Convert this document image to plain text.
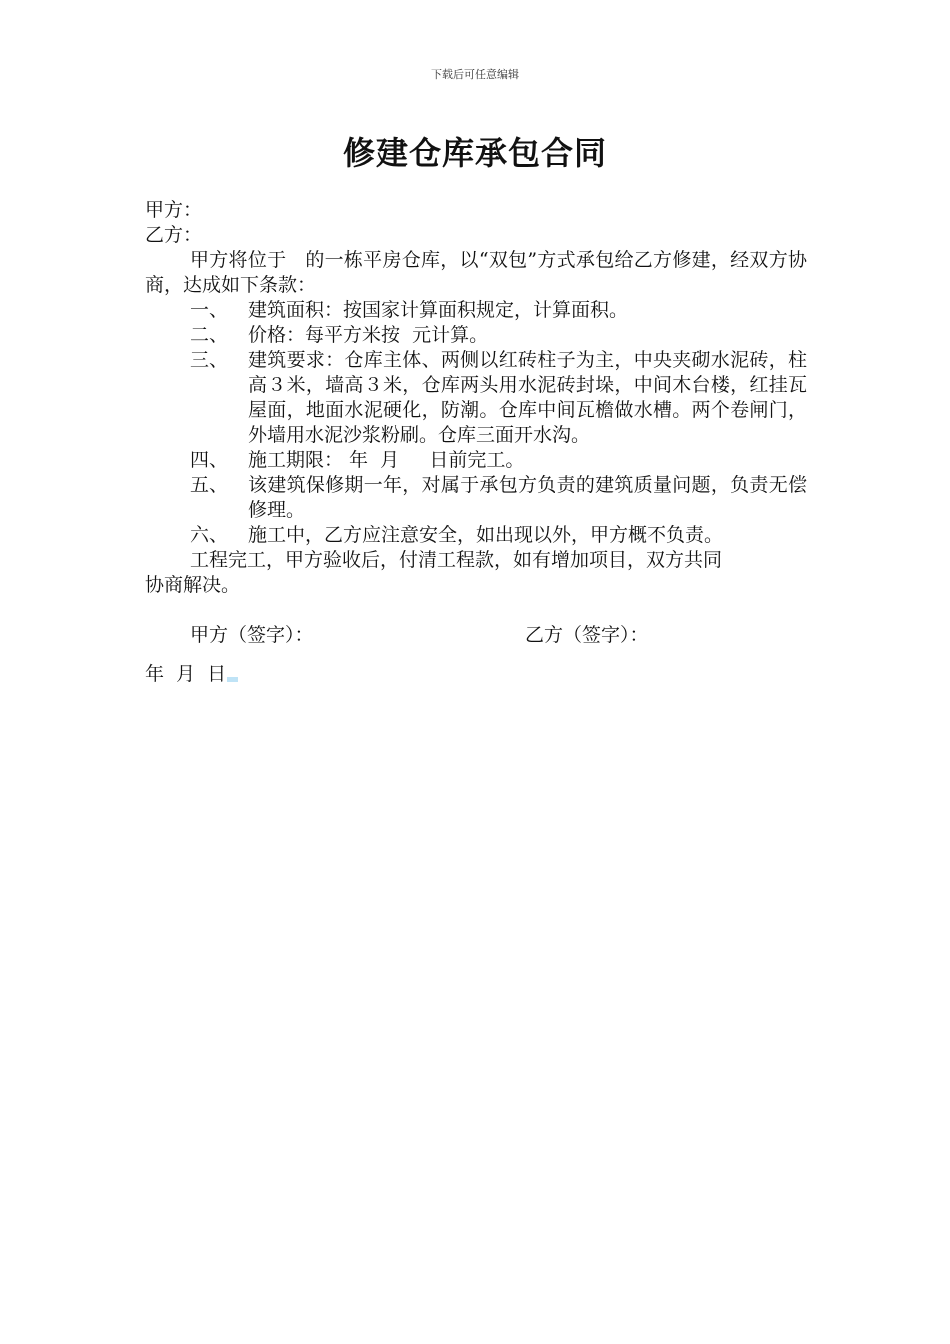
下载后可任意编辑
修建仓库承包合同

甲方：

乙方：

甲方将位于   的一栋平房仓库，以“双包”方式承包给乙方修建，经双方协商，达成如下条款：

一、 建筑面积：按国家计算面积规定，计算面积。
二、 价格：每平方米按  元计算。
三、 建筑要求：仓库主体、两侧以红砖柱子为主，中央夹砌水泥砖，柱高３米，墙高３米，仓库两头用水泥砖封垛，中间木台楼，红挂瓦屋面，地面水泥硬化，防潮。仓库中间瓦檐做水槽。两个卷闸门，外墙用水泥沙浆粉刷。仓库三面开水沟。
四、 施工期限： 年  月     日前完工。
五、 该建筑保修期一年，对属于承包方负责的建筑质量问题，负责无偿修理。
六、 施工中，乙方应注意安全，如出现以外，甲方概不负责。

工程完工，甲方验收后，付清工程款，如有增加项目，双方共同

协商解决。

甲方（签字）：	乙方（签字）：

年  月  日
